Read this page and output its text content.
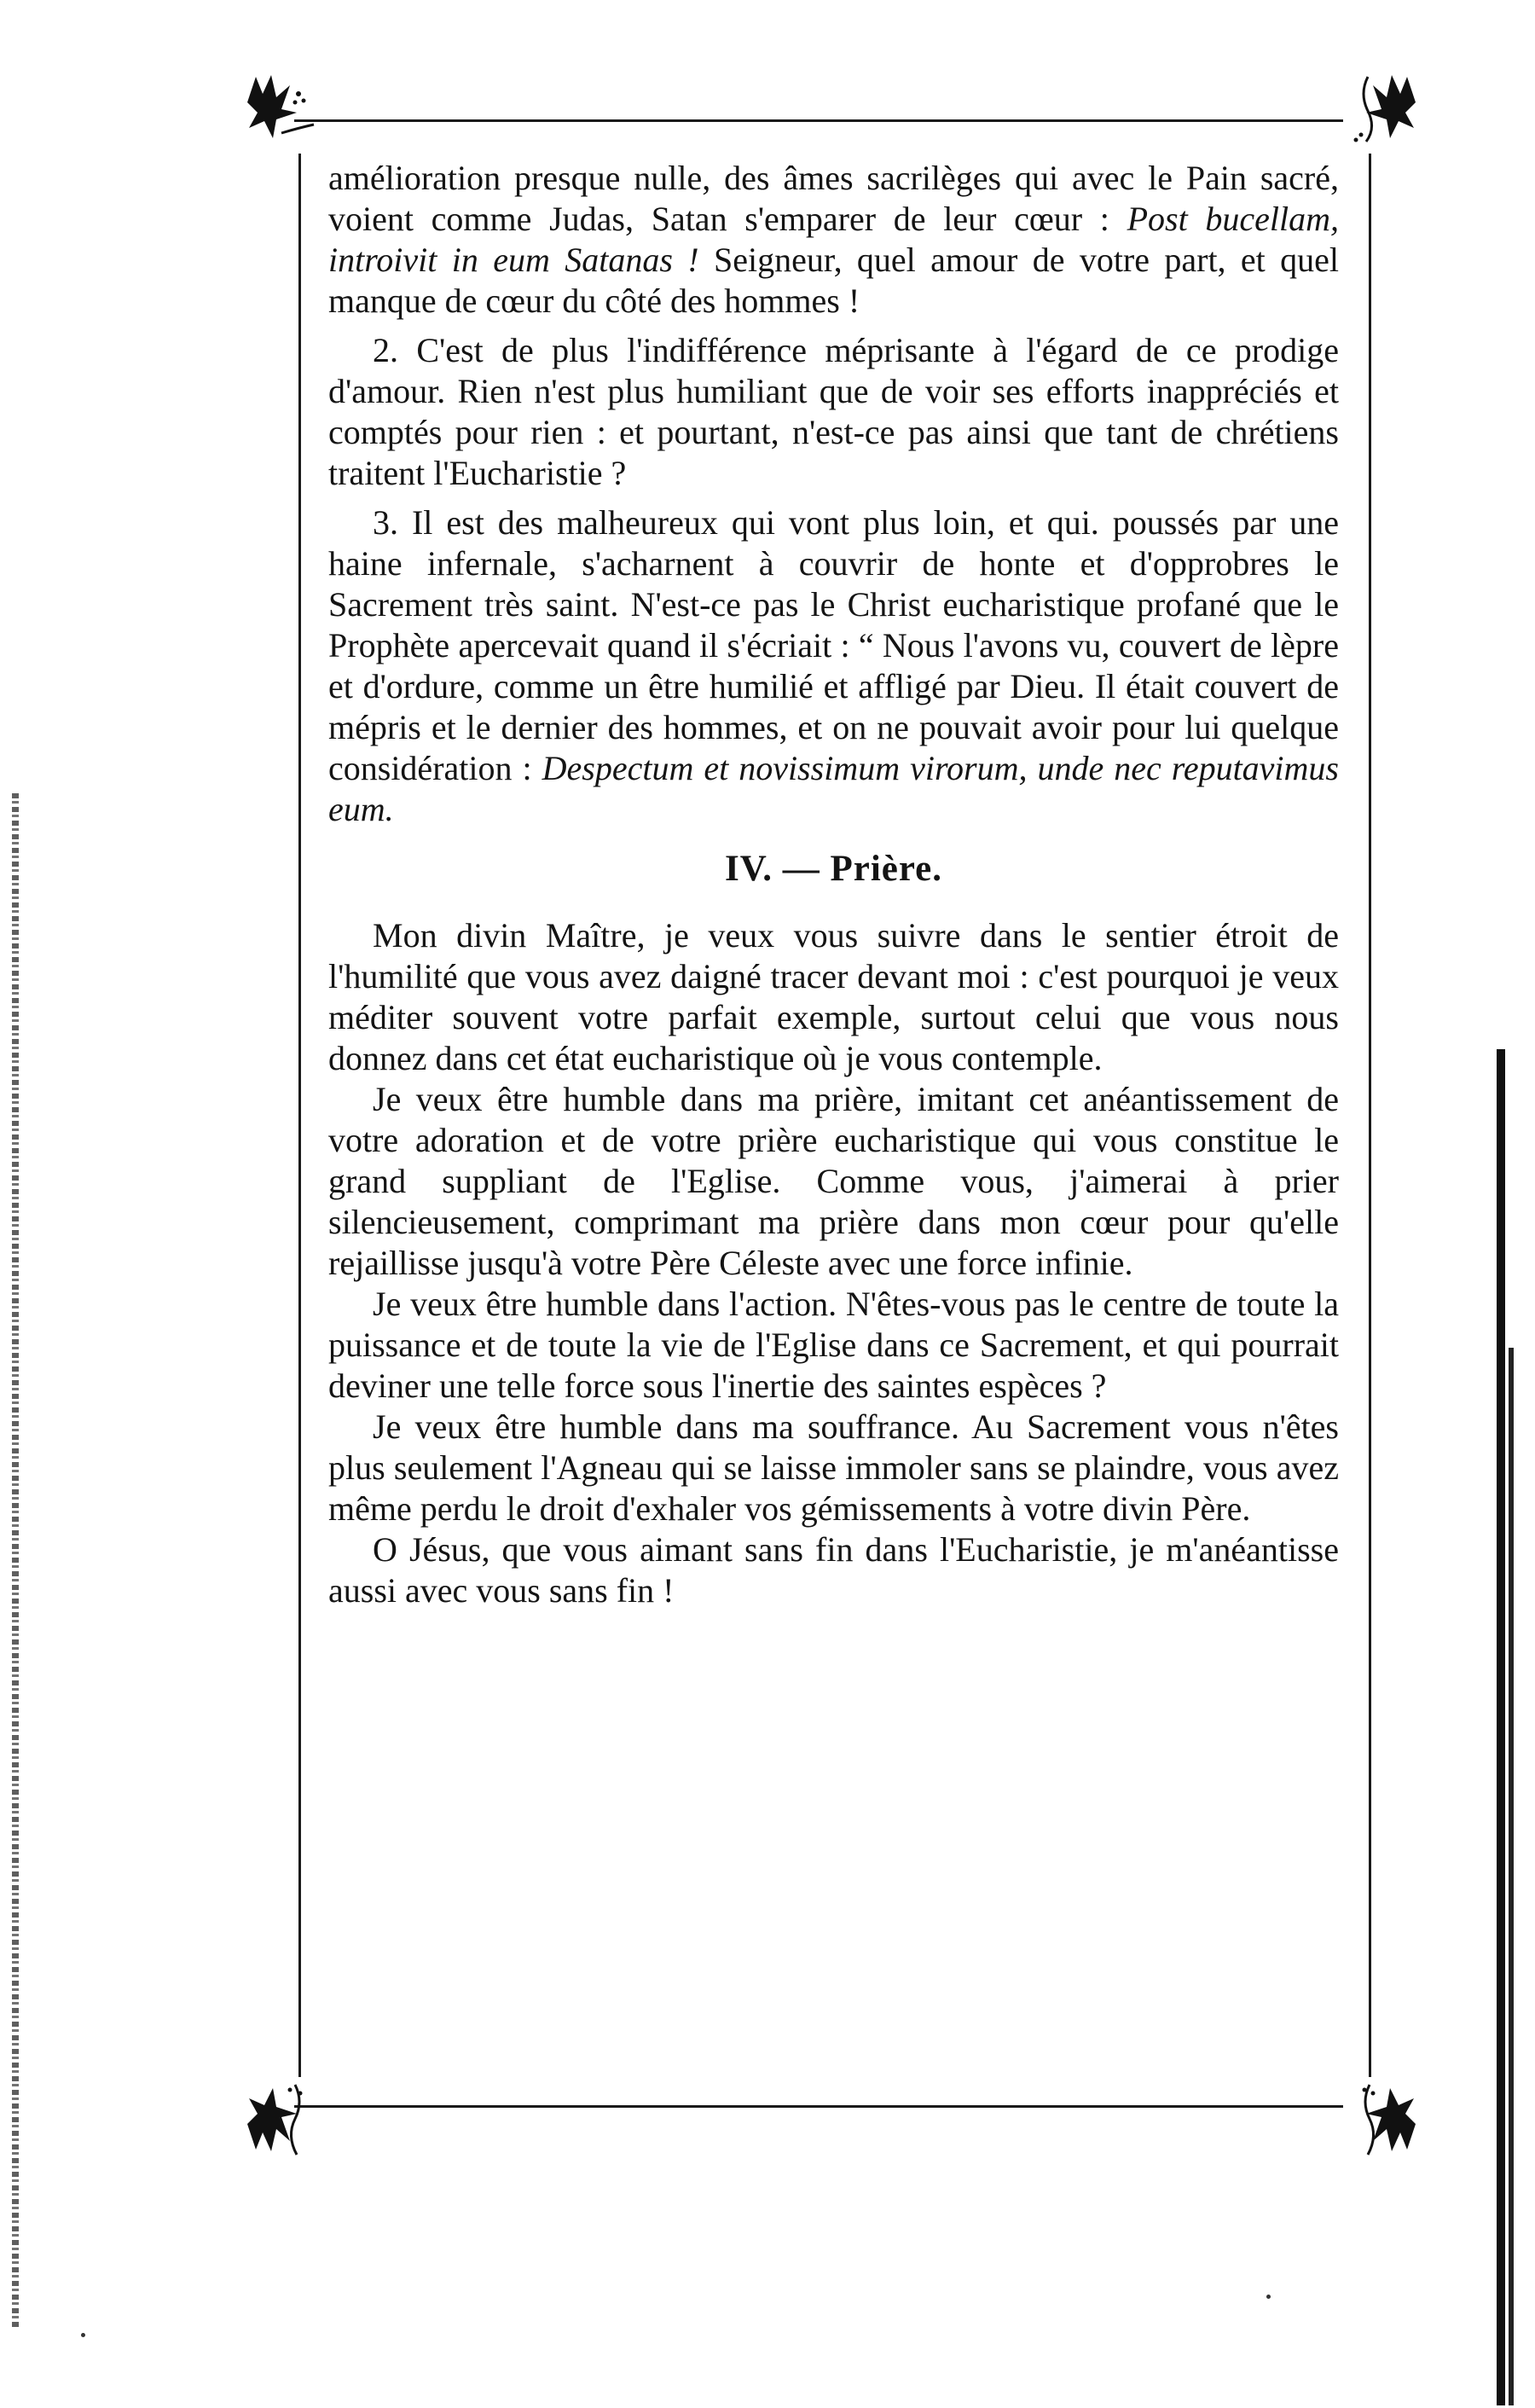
amélioration presque nulle, des âmes sacrilèges qui avec le Pain sacré, voient comme Judas, Satan s'emparer de leur cœur : Post bucellam, introivit in eum Satanas ! Seigneur, quel amour de votre part, et quel manque de cœur du côté des hommes !

2. C'est de plus l'indifférence méprisante à l'égard de ce prodige d'amour. Rien n'est plus humiliant que de voir ses efforts inappréciés et comptés pour rien : et pourtant, n'est-ce pas ainsi que tant de chrétiens traitent l'Eucharistie ?

3. Il est des malheureux qui vont plus loin, et qui. poussés par une haine infernale, s'acharnent à couvrir de honte et d'opprobres le Sacrement très saint. N'est-ce pas le Christ eucharistique profané que le Prophète apercevait quand il s'écriait : “ Nous l'avons vu, couvert de lèpre et d'ordure, comme un être humilié et affligé par Dieu. Il était couvert de mépris et le dernier des hommes, et on ne pouvait avoir pour lui quelque considération : Despectum et novissimum virorum, unde nec reputavimus eum.

IV. — Prière.

Mon divin Maître, je veux vous suivre dans le sentier étroit de l'humilité que vous avez daigné tracer devant moi : c'est pourquoi je veux méditer souvent votre parfait exemple, surtout celui que vous nous donnez dans cet état eucharistique où je vous contemple.

Je veux être humble dans ma prière, imitant cet anéantissement de votre adoration et de votre prière eucharistique qui vous constitue le grand suppliant de l'Eglise. Comme vous, j'aimerai à prier silencieusement, comprimant ma prière dans mon cœur pour qu'elle rejaillisse jusqu'à votre Père Céleste avec une force infinie.

Je veux être humble dans l'action. N'êtes-vous pas le centre de toute la puissance et de toute la vie de l'Eglise dans ce Sacrement, et qui pourrait deviner une telle force sous l'inertie des saintes espèces ?

Je veux être humble dans ma souffrance. Au Sacrement vous n'êtes plus seulement l'Agneau qui se laisse immoler sans se plaindre, vous avez même perdu le droit d'exhaler vos gémissements à votre divin Père.

O Jésus, que vous aimant sans fin dans l'Eucharistie, je m'anéantisse aussi avec vous sans fin !
